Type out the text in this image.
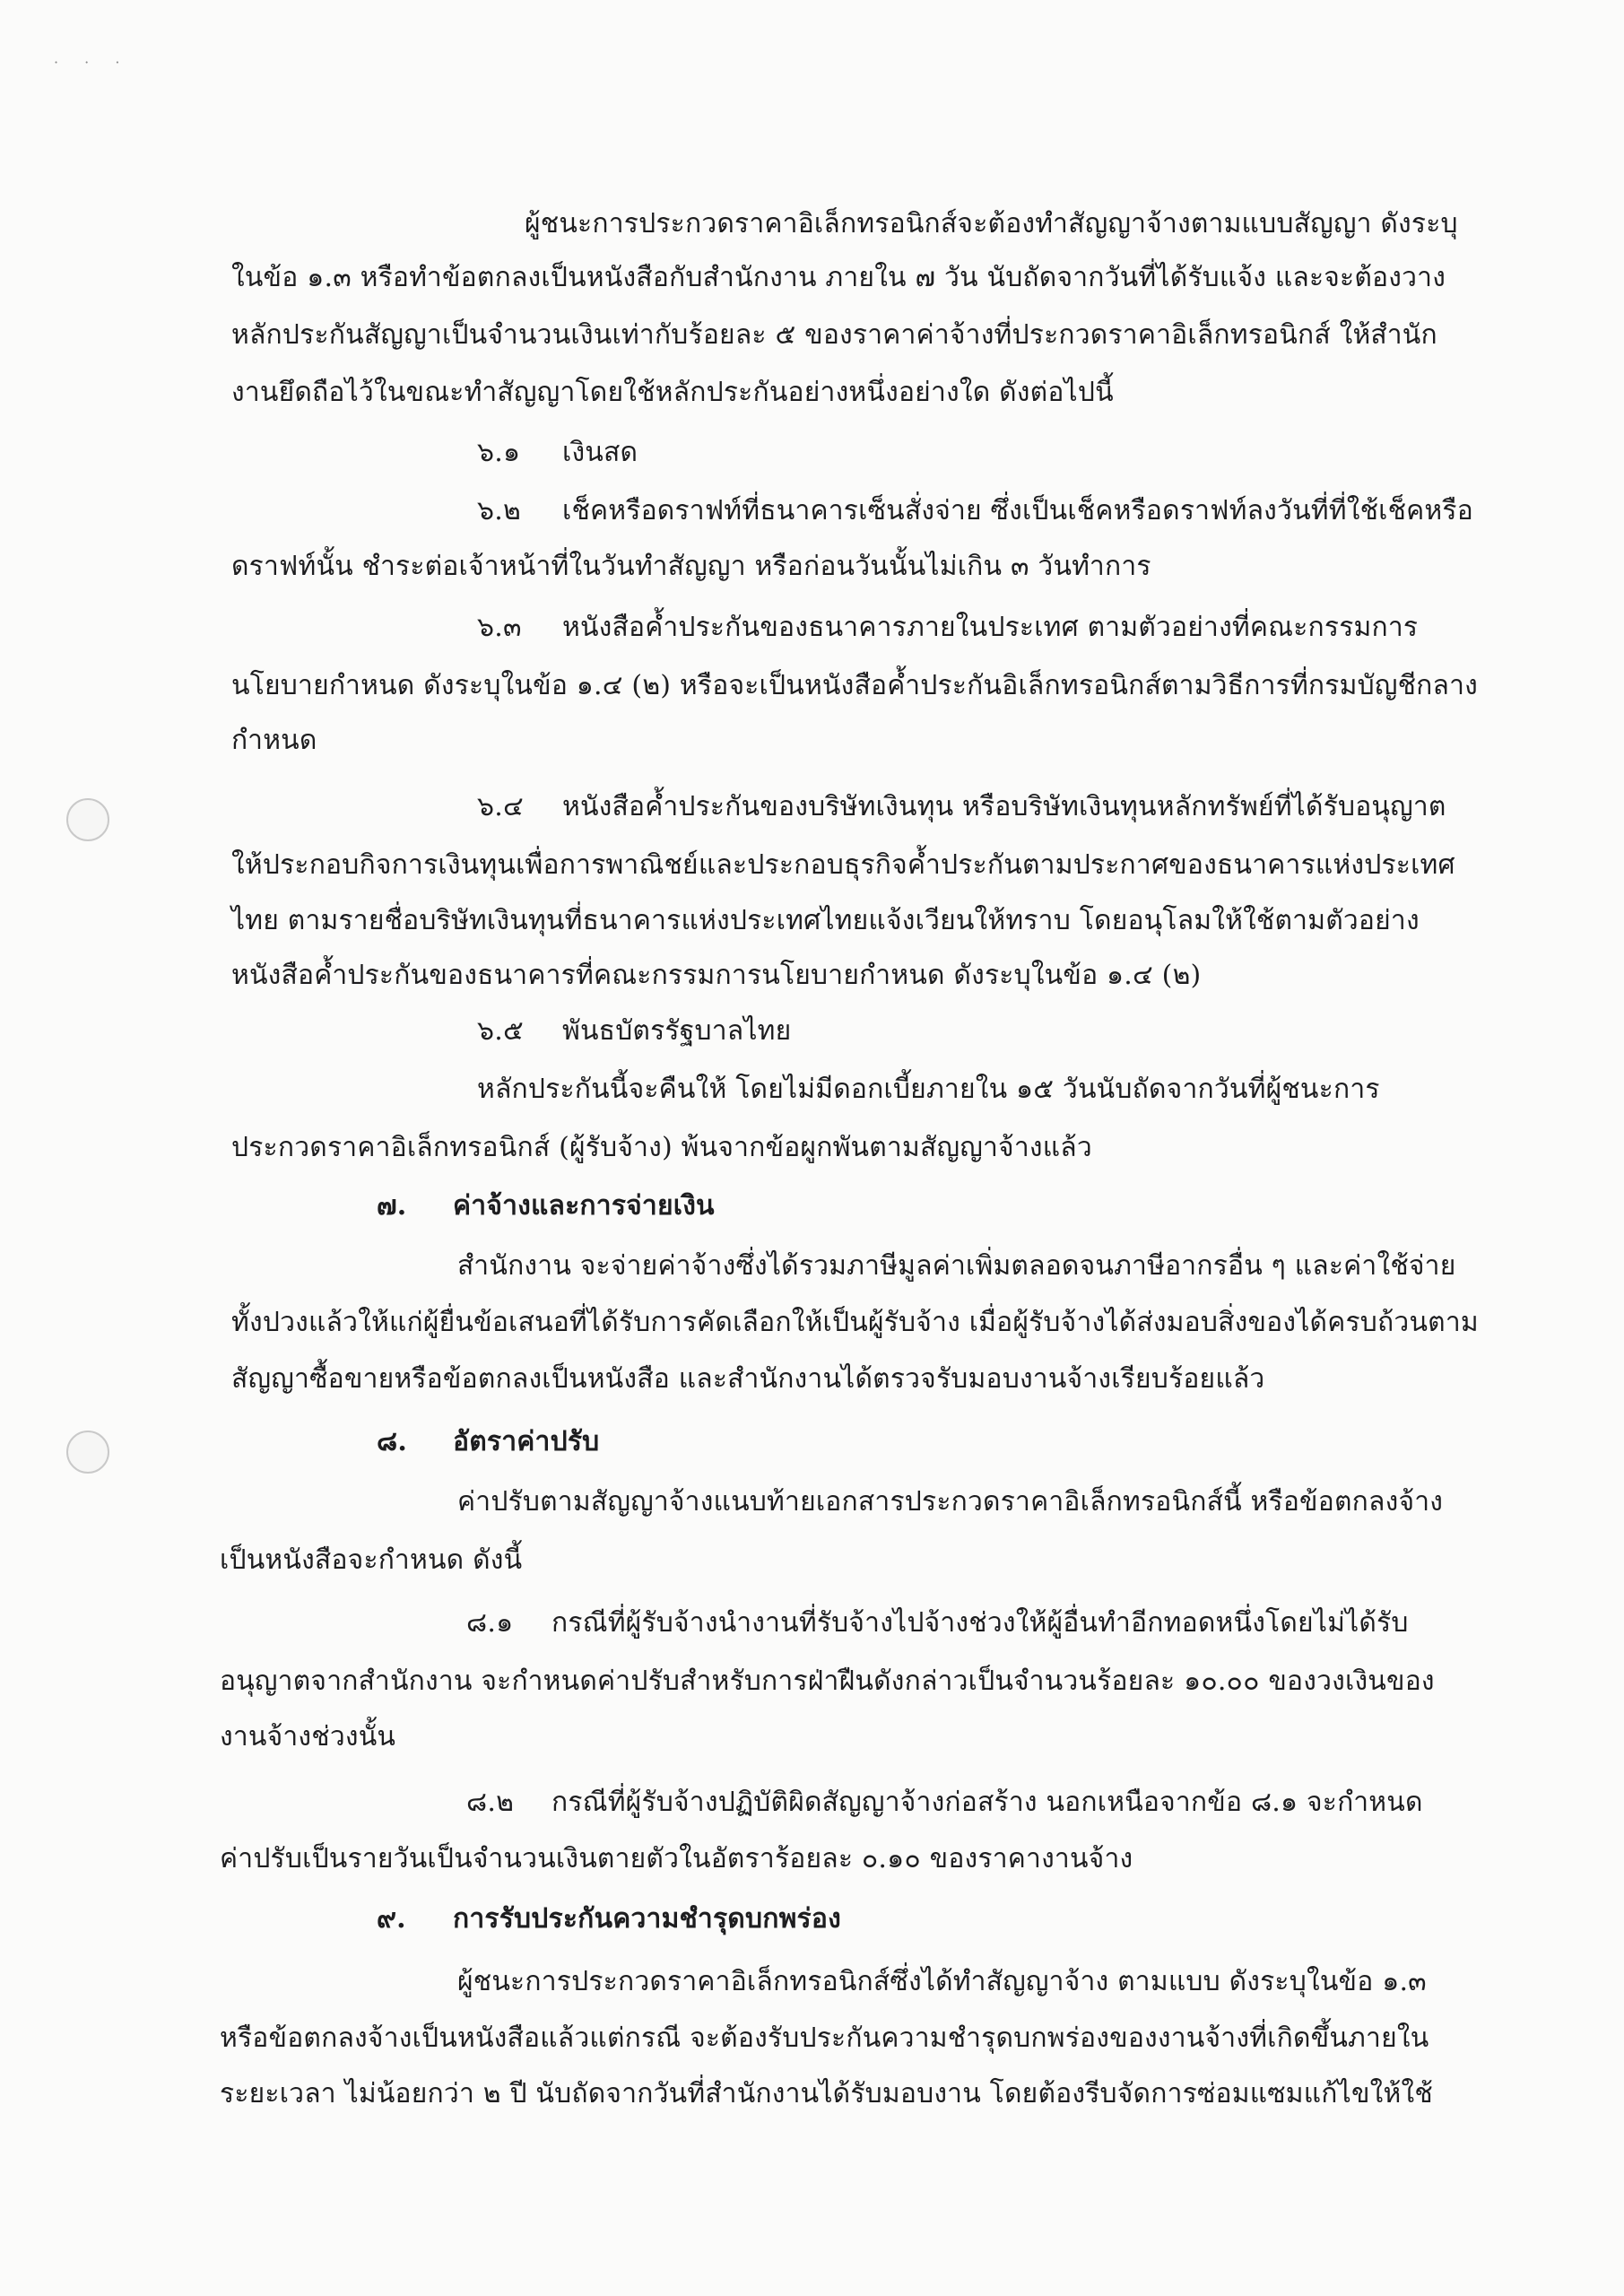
· · ·
ผู้ชนะการประกวดราคาอิเล็กทรอนิกส์จะต้องทำสัญญาจ้างตามแบบสัญญา ดังระบุ
ในข้อ ๑.๓ หรือทำข้อตกลงเป็นหนังสือกับสำนักงาน ภายใน ๗ วัน นับถัดจากวันที่ได้รับแจ้ง และจะต้องวาง
หลักประกันสัญญาเป็นจำนวนเงินเท่ากับร้อยละ ๕ ของราคาค่าจ้างที่ประกวดราคาอิเล็กทรอนิกส์ ให้สำนัก
งานยึดถือไว้ในขณะทำสัญญาโดยใช้หลักประกันอย่างหนึ่งอย่างใด ดังต่อไปนี้
๖.๑ เงินสด
๖.๒ เช็คหรือดราฟท์ที่ธนาคารเซ็นสั่งจ่าย ซึ่งเป็นเช็คหรือดราฟท์ลงวันที่ที่ใช้เช็คหรือ
ดราฟท์นั้น ชำระต่อเจ้าหน้าที่ในวันทำสัญญา หรือก่อนวันนั้นไม่เกิน ๓ วันทำการ
๖.๓ หนังสือค้ำประกันของธนาคารภายในประเทศ ตามตัวอย่างที่คณะกรรมการ
นโยบายกำหนด ดังระบุในข้อ ๑.๔ (๒) หรือจะเป็นหนังสือค้ำประกันอิเล็กทรอนิกส์ตามวิธีการที่กรมบัญชีกลาง
กำหนด
๖.๔ หนังสือค้ำประกันของบริษัทเงินทุน หรือบริษัทเงินทุนหลักทรัพย์ที่ได้รับอนุญาต
ให้ประกอบกิจการเงินทุนเพื่อการพาณิชย์และประกอบธุรกิจค้ำประกันตามประกาศของธนาคารแห่งประเทศ
ไทย ตามรายชื่อบริษัทเงินทุนที่ธนาคารแห่งประเทศไทยแจ้งเวียนให้ทราบ โดยอนุโลมให้ใช้ตามตัวอย่าง
หนังสือค้ำประกันของธนาคารที่คณะกรรมการนโยบายกำหนด ดังระบุในข้อ ๑.๔ (๒)
๖.๕ พันธบัตรรัฐบาลไทย
หลักประกันนี้จะคืนให้ โดยไม่มีดอกเบี้ยภายใน ๑๕ วันนับถัดจากวันที่ผู้ชนะการ
ประกวดราคาอิเล็กทรอนิกส์ (ผู้รับจ้าง) พ้นจากข้อผูกพันตามสัญญาจ้างแล้ว
๗. ค่าจ้างและการจ่ายเงิน
สำนักงาน จะจ่ายค่าจ้างซึ่งได้รวมภาษีมูลค่าเพิ่มตลอดจนภาษีอากรอื่น ๆ และค่าใช้จ่าย
ทั้งปวงแล้วให้แก่ผู้ยื่นข้อเสนอที่ได้รับการคัดเลือกให้เป็นผู้รับจ้าง เมื่อผู้รับจ้างได้ส่งมอบสิ่งของได้ครบถ้วนตาม
สัญญาซื้อขายหรือข้อตกลงเป็นหนังสือ และสำนักงานได้ตรวจรับมอบงานจ้างเรียบร้อยแล้ว
๘. อัตราค่าปรับ
ค่าปรับตามสัญญาจ้างแนบท้ายเอกสารประกวดราคาอิเล็กทรอนิกส์นี้ หรือข้อตกลงจ้าง
เป็นหนังสือจะกำหนด ดังนี้
๘.๑ กรณีที่ผู้รับจ้างนำงานที่รับจ้างไปจ้างช่วงให้ผู้อื่นทำอีกทอดหนึ่งโดยไม่ได้รับ
อนุญาตจากสำนักงาน จะกำหนดค่าปรับสำหรับการฝ่าฝืนดังกล่าวเป็นจำนวนร้อยละ ๑๐.๐๐ ของวงเงินของ
งานจ้างช่วงนั้น
๘.๒ กรณีที่ผู้รับจ้างปฏิบัติผิดสัญญาจ้างก่อสร้าง นอกเหนือจากข้อ ๘.๑ จะกำหนด
ค่าปรับเป็นรายวันเป็นจำนวนเงินตายตัวในอัตราร้อยละ ๐.๑๐ ของราคางานจ้าง
๙. การรับประกันความชำรุดบกพร่อง
ผู้ชนะการประกวดราคาอิเล็กทรอนิกส์ซึ่งได้ทำสัญญาจ้าง ตามแบบ ดังระบุในข้อ ๑.๓
หรือข้อตกลงจ้างเป็นหนังสือแล้วแต่กรณี จะต้องรับประกันความชำรุดบกพร่องของงานจ้างที่เกิดขึ้นภายใน
ระยะเวลา ไม่น้อยกว่า ๒ ปี นับถัดจากวันที่สำนักงานได้รับมอบงาน โดยต้องรีบจัดการซ่อมแซมแก้ไขให้ใช้
